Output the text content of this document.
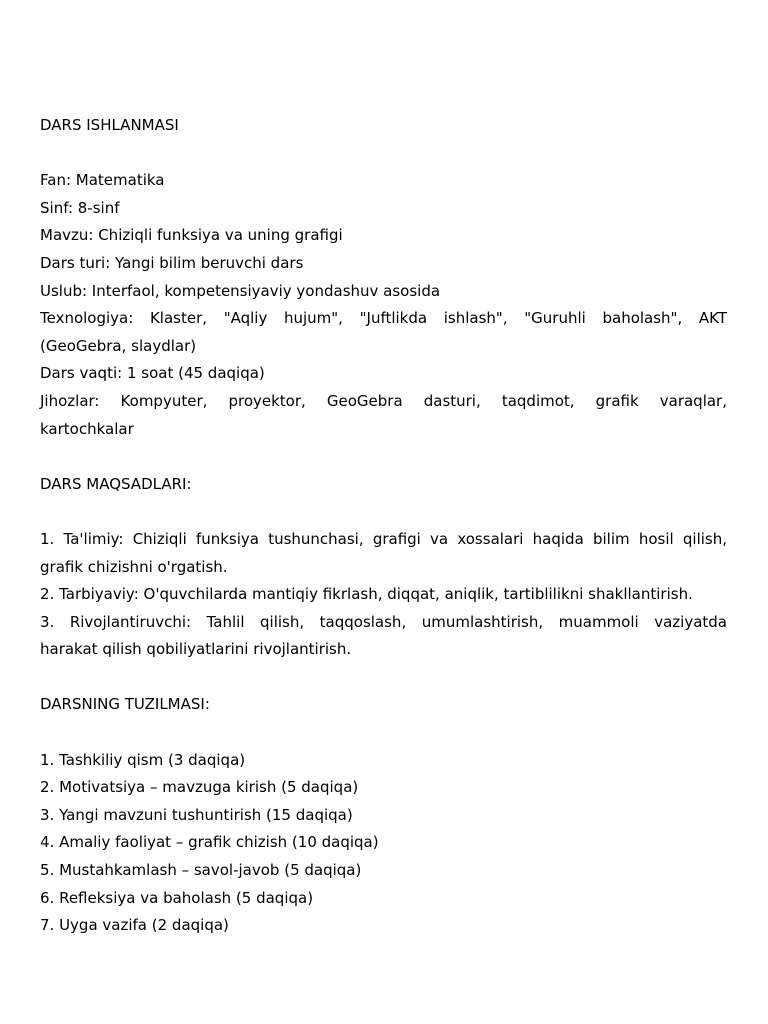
DARS ISHLANMASI
Fan: Matematika
Sinf: 8-sinf
Mavzu: Chiziqli funksiya va uning grafigi
Dars turi: Yangi bilim beruvchi dars
Uslub: Interfaol, kompetensiyaviy yondashuv asosida
Texnologiya: Klaster, "Aqliy hujum", "Juftlikda ishlash", "Guruhli baholash", AKT
(GeoGebra, slaydlar)
Dars vaqti: 1 soat (45 daqiqa)
Jihozlar: Kompyuter, proyektor, GeoGebra dasturi, taqdimot, grafik varaqlar,
kartochkalar
DARS MAQSADLARI:
1. Ta'limiy: Chiziqli funksiya tushunchasi, grafigi va xossalari haqida bilim hosil qilish,
grafik chizishni o'rgatish.
2. Tarbiyaviy: O'quvchilarda mantiqiy fikrlash, diqqat, aniqlik, tartiblilikni shakllantirish.
3. Rivojlantiruvchi: Tahlil qilish, taqqoslash, umumlashtirish, muammoli vaziyatda
harakat qilish qobiliyatlarini rivojlantirish.
DARSNING TUZILMASI:
1. Tashkiliy qism (3 daqiqa)
2. Motivatsiya – mavzuga kirish (5 daqiqa)
3. Yangi mavzuni tushuntirish (15 daqiqa)
4. Amaliy faoliyat – grafik chizish (10 daqiqa)
5. Mustahkamlash – savol-javob (5 daqiqa)
6. Refleksiya va baholash (5 daqiqa)
7. Uyga vazifa (2 daqiqa)
